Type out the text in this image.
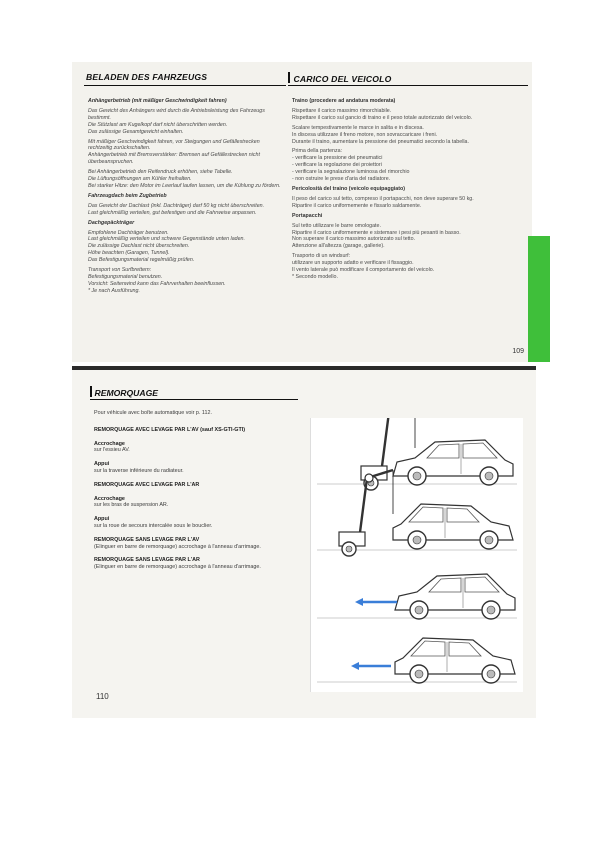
BELADEN DES FAHRZEUGS	CARICO DEL VEICOLO

Anhängerbetrieb (mit mäßiger Geschwindigkeit fahren)

Das Gewicht des Anhängers wird durch die Antriebsleistung des Fahrzeugs bestimmt.
Die Stützlast am Kugelkopf darf nicht überschritten werden.
Das zulässige Gesamtgewicht einhalten.

Mit mäßiger Geschwindigkeit fahren, vor Steigungen und Gefällestrecken rechtzeitig zurückschalten.
Anhängerbetrieb mit Bremsverstärker: Bremsen auf Gefällestrecken nicht überbeanspruchen.

Bei Anhängerbetrieb den Reifendruck erhöhen, siehe Tabelle.
Die Lüftungsöffnungen am Kühler freihalten.
Bei starker Hitze: den Motor im Leerlauf laufen lassen, um die Kühlung zu fördern.

Fahrzeugdach beim Zugbetrieb

Das Gewicht der Dachlast (inkl. Dachträger) darf 50 kg nicht überschreiten.
Last gleichmäßig verteilen, gut befestigen und die Fahrweise anpassen.

Dachgepäckträger

Empfohlene Dachträger benutzen.
Last gleichmäßig verteilen und schwere Gegenstände unten laden.
Die zulässige Dachlast nicht überschreiten.
Höhe beachten (Garagen, Tunnel).
Das Befestigungsmaterial regelmäßig prüfen.

Transport von Surfbrettern:
Befestigungsmaterial benutzen.
Vorsicht: Seitenwind kann das Fahrverhalten beeinflussen.
* Je nach Ausführung.

Traino (procedere ad andatura moderata)

Rispettare il carico massimo rimorchiabile.
Rispettare il carico sul gancio di traino e il peso totale autorizzato del veicolo.

Scalare tempestivamente le marce in salita e in discesa.
In discesa utilizzare il freno motore, non sovraccaricare i freni.
Durante il traino, aumentare la pressione dei pneumatici secondo la tabella.

Prima della partenza:
- verificare la pressione dei pneumatici
- verificare la regolazione dei proiettori
- verificare la segnalazione luminosa del rimorchio
- non ostruire le prese d'aria del radiatore.

Pericolosità del traino (veicolo equipaggiato)

Il peso del carico sul tetto, compreso il portapacchi, non deve superare 50 kg.
Ripartire il carico uniformemente e fissarlo saldamente.

Portapacchi

Sul tetto utilizzare le barre omologate.
Ripartire il carico uniformemente e sistemare i pesi più pesanti in basso.
Non superare il carico massimo autorizzato sul tetto.
Attenzione all'altezza (garage, gallerie).

Trasporto di un windsurf:
utilizzare un supporto adatto e verificare il fissaggio.
Il vento laterale può modificare il comportamento del veicolo.
* Secondo modello.

109
REMORQUAGE
Pour véhicule avec boîte automatique voir p. 112.
REMORQUAGE AVEC LEVAGE PAR L'AV (sauf XS-GTI-GTI)
Accrochage
sur l'essieu AV.
Appui
sur la traverse inférieure du radiateur.
REMORQUAGE AVEC LEVAGE PAR L'AR
Accrochage
sur les bras de suspension AR.
Appui
sur la roue de secours intercalée sous le bouclier.
REMORQUAGE SANS LEVAGE PAR L'AV
(Elinguer en barre de remorquage) accrochage à l'anneau d'arrimage.
REMORQUAGE SANS LEVAGE PAR L'AR
(Elinguer en barre de remorquage) accrochage à l'anneau d'arrimage.
110
